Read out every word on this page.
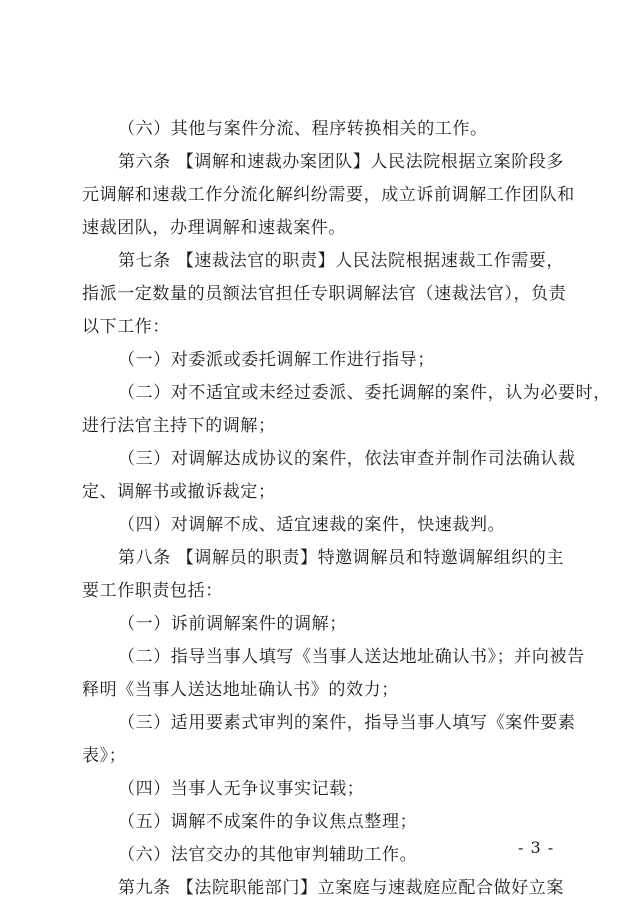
（六）其他与案件分流、程序转换相关的工作。
第六条 【调解和速裁办案团队】人民法院根据立案阶段多
元调解和速裁工作分流化解纠纷需要，成立诉前调解工作团队和
速裁团队，办理调解和速裁案件。
第七条 【速裁法官的职责】人民法院根据速裁工作需要，
指派一定数量的员额法官担任专职调解法官（速裁法官），负责
以下工作：
（一）对委派或委托调解工作进行指导；
（二）对不适宜或未经过委派、委托调解的案件，认为必要时，
进行法官主持下的调解；
（三）对调解达成协议的案件，依法审查并制作司法确认裁
定、调解书或撤诉裁定；
（四）对调解不成、适宜速裁的案件，快速裁判。
第八条 【调解员的职责】特邀调解员和特邀调解组织的主
要工作职责包括：
（一）诉前调解案件的调解；
（二）指导当事人填写《当事人送达地址确认书》；并向被告
释明《当事人送达地址确认书》的效力；
（三）适用要素式审判的案件，指导当事人填写《案件要素
表》；
（四）当事人无争议事实记载；
（五）调解不成案件的争议焦点整理；
（六）法官交办的其他审判辅助工作。
第九条 【法院职能部门】立案庭与速裁庭应配合做好立案
- 3 -
